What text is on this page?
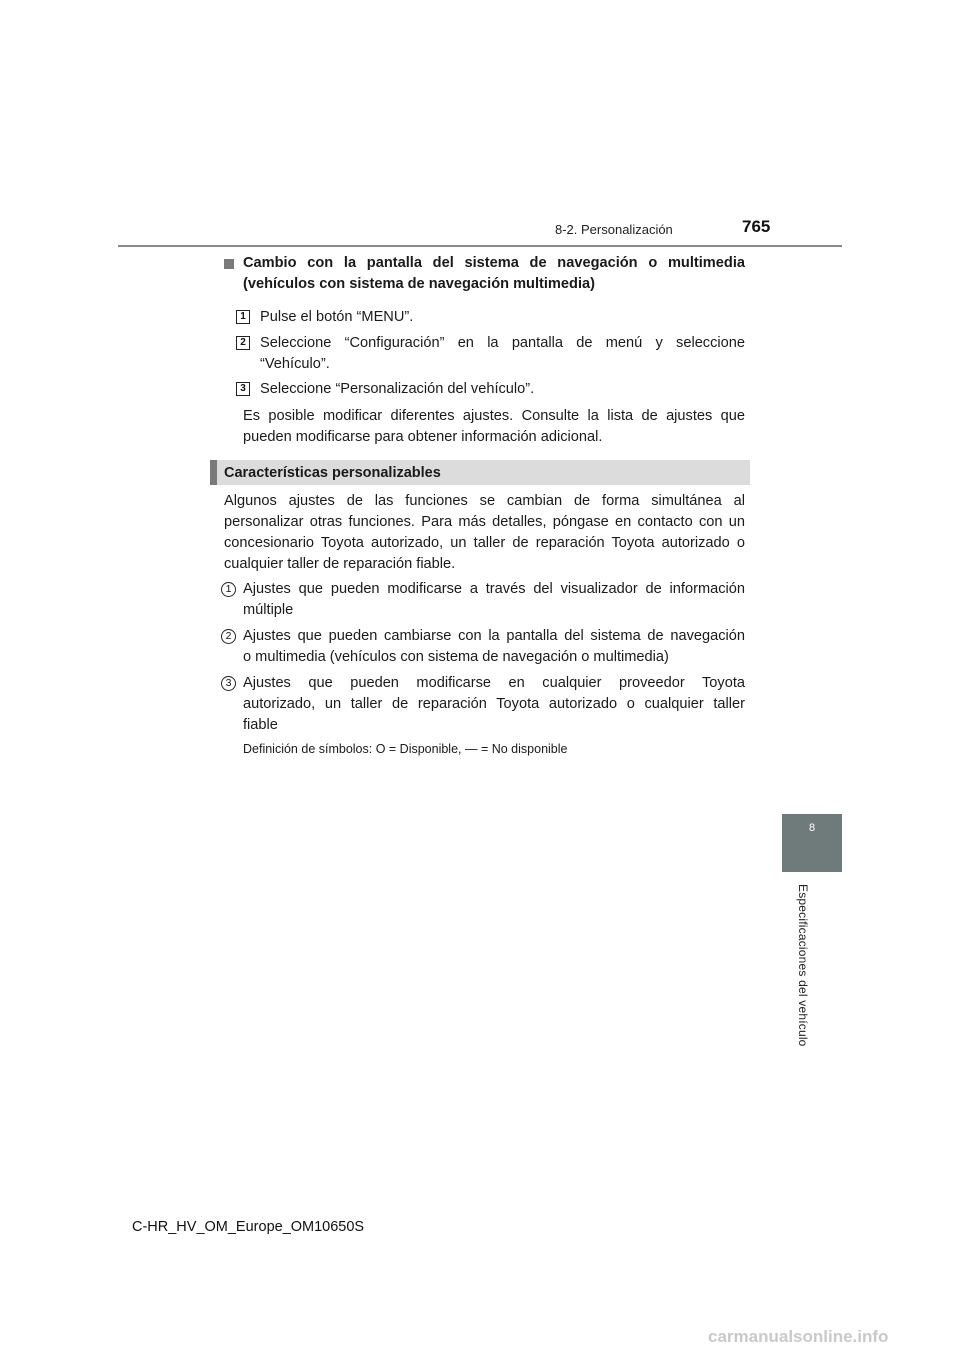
8-2. Personalización	765
8
Especificaciones del vehículo
Cambio con la pantalla del sistema de navegación o multimedia
(vehículos con sistema de navegación multimedia)
1 Pulse el botón “MENU”.
2 Seleccione “Configuración” en la pantalla de menú y seleccione
“Vehículo”.
3 Seleccione “Personalización del vehículo”.
Es posible modificar diferentes ajustes. Consulte la lista de ajustes que
pueden modificarse para obtener información adicional.
Características personalizables
Algunos ajustes de las funciones se cambian de forma simultánea al
personalizar otras funciones. Para más detalles, póngase en contacto con un
concesionario Toyota autorizado, un taller de reparación Toyota autorizado o
cualquier taller de reparación fiable.
1 Ajustes que pueden modificarse a través del visualizador de información
múltiple
2 Ajustes que pueden cambiarse con la pantalla del sistema de navegación
o multimedia (vehículos con sistema de navegación o multimedia)
3 Ajustes que pueden modificarse en cualquier proveedor Toyota
autorizado, un taller de reparación Toyota autorizado o cualquier taller
fiable
Definición de símbolos: O = Disponible, — = No disponible
C-HR_HV_OM_Europe_OM10650S
carmanualsonline.info
